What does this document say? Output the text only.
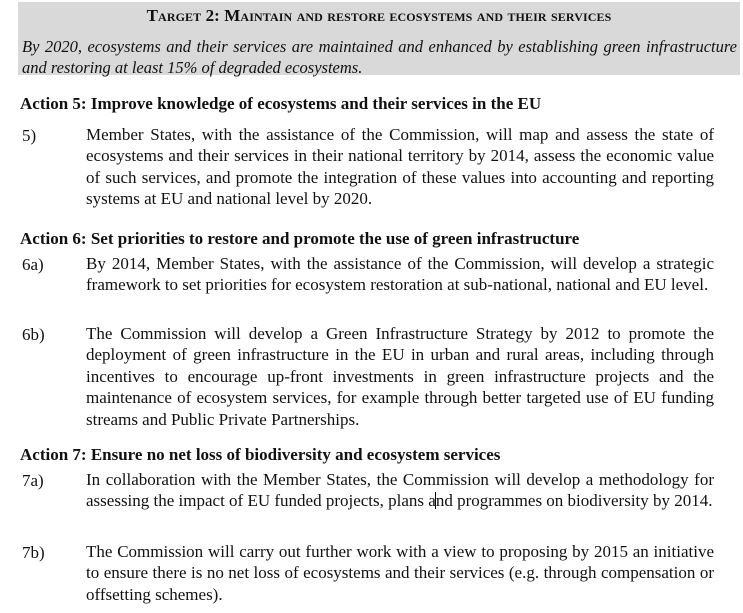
Target 2: Maintain and restore ecosystems and their services
By 2020, ecosystems and their services are maintained and enhanced by establishing green infrastructure and restoring at least 15% of degraded ecosystems.
Action 5: Improve knowledge of ecosystems and their services in the EU
5)	Member States, with the assistance of the Commission, will map and assess the state of ecosystems and their services in their national territory by 2014, assess the economic value of such services, and promote the integration of these values into accounting and reporting systems at EU and national level by 2020.
Action 6: Set priorities to restore and promote the use of green infrastructure
6a) By 2014, Member States, with the assistance of the Commission, will develop a strategic framework to set priorities for ecosystem restoration at sub-national, national and EU level.
6b) The Commission will develop a Green Infrastructure Strategy by 2012 to promote the deployment of green infrastructure in the EU in urban and rural areas, including through incentives to encourage up-front investments in green infrastructure projects and the maintenance of ecosystem services, for example through better targeted use of EU funding streams and Public Private Partnerships.
Action 7: Ensure no net loss of biodiversity and ecosystem services
7a) In collaboration with the Member States, the Commission will develop a methodology for assessing the impact of EU funded projects, plans and programmes on biodiversity by 2014.
7b) The Commission will carry out further work with a view to proposing by 2015 an initiative to ensure there is no net loss of ecosystems and their services (e.g. through compensation or offsetting schemes).
